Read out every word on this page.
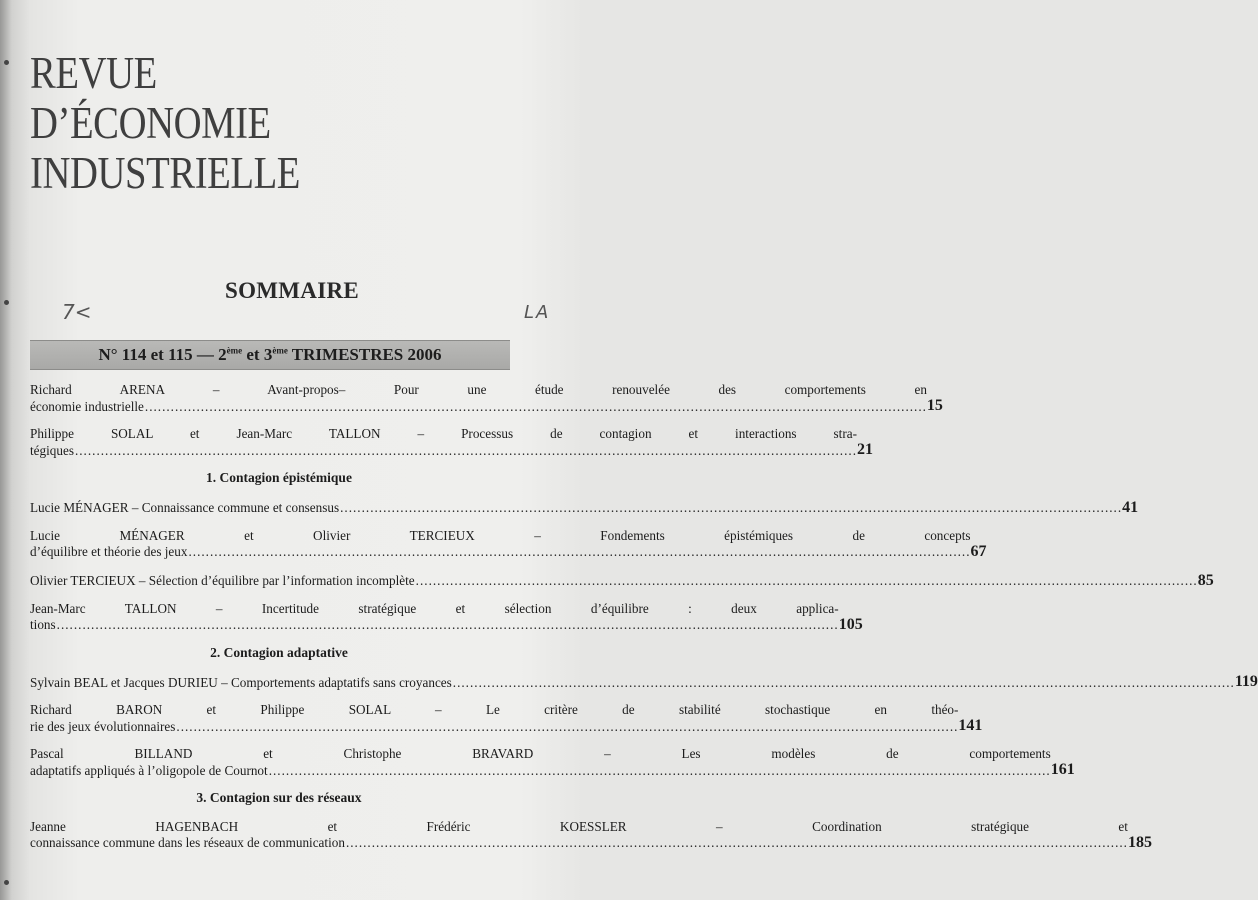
REVUE
D’ÉCONOMIE
INDUSTRIELLE
SOMMAIRE
7<	LA
N° 114 et 115 — 2ème et 3ème TRIMESTRES 2006
Richard ARENA – Avant-propos– Pour une étude renouvelée des comportements en
économie industrielle .....	15
Philippe SOLAL et Jean-Marc TALLON – Processus de contagion et interactions stra-
tégiques .....	21
1. Contagion épistémique
Lucie MÉNAGER – Connaissance commune et consensus .....	41
Lucie MÉNAGER et Olivier TERCIEUX – Fondements épistémiques de concepts
d’équilibre et théorie des jeux .....	67
Olivier TERCIEUX – Sélection d’équilibre par l’information incomplète .....	85
Jean-Marc TALLON – Incertitude stratégique et sélection d’équilibre : deux applica-
tions .....	105
2. Contagion adaptative
Sylvain BEAL et Jacques DURIEU – Comportements adaptatifs sans croyances .....	119
Richard BARON et Philippe SOLAL – Le critère de stabilité stochastique en théo-
rie des jeux évolutionnaires .....	141
Pascal BILLAND et Christophe BRAVARD – Les modèles de comportements
adaptatifs appliqués à l’oligopole de Cournot .....	161
3. Contagion sur des réseaux
Jeanne HAGENBACH et Frédéric KOESSLER – Coordination stratégique et
connaissance commune dans les réseaux de communication .....	185
